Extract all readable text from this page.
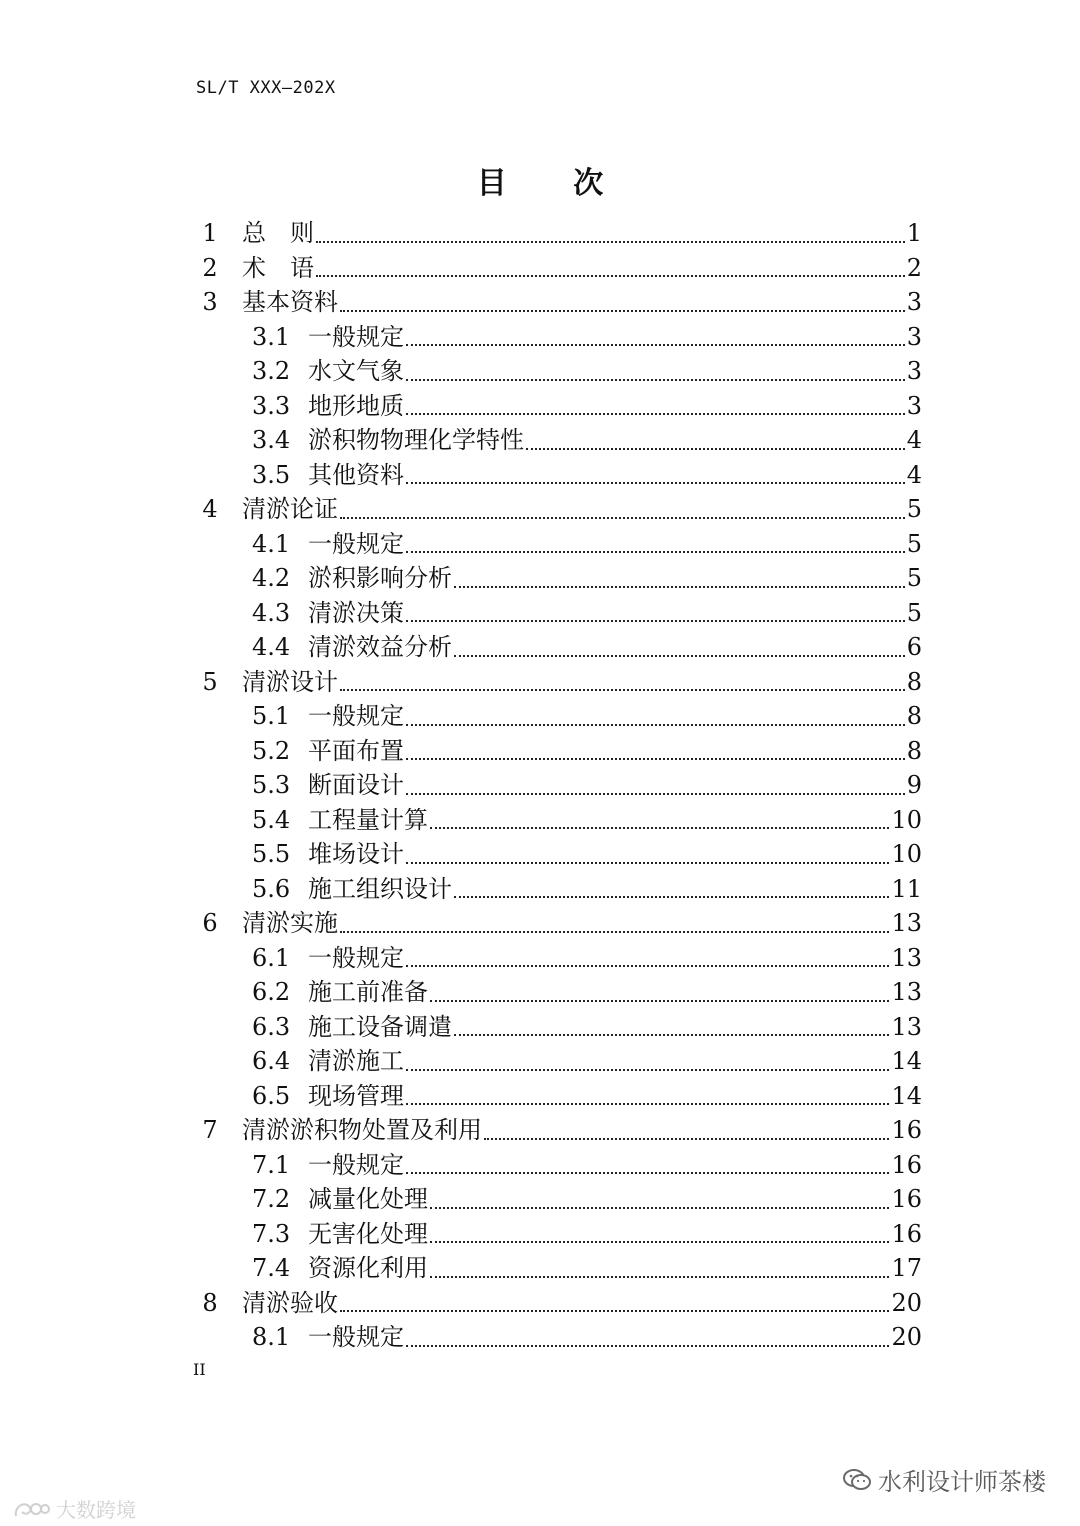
SL/T XXX—202X
目 次
1	总　则	1
2	术　语	2
3	基本资料	3
3.1 一般规定	3
3.2 水文气象	3
3.3 地形地质	3
3.4 淤积物物理化学特性	4
3.5 其他资料	4
4	清淤论证	5
4.1 一般规定	5
4.2 淤积影响分析	5
4.3 清淤决策	5
4.4 清淤效益分析	6
5	清淤设计	8
5.1 一般规定	8
5.2 平面布置	8
5.3 断面设计	9
5.4 工程量计算	10
5.5 堆场设计	10
5.6 施工组织设计	11
6	清淤实施	13
6.1 一般规定	13
6.2 施工前准备	13
6.3 施工设备调遣	13
6.4 清淤施工	14
6.5 现场管理	14
7	清淤淤积物处置及利用	16
7.1 一般规定	16
7.2 减量化处理	16
7.3 无害化处理	16
7.4 资源化利用	17
8	清淤验收	20
8.1 一般规定	20
II
水利设计师茶楼
大数跨境
